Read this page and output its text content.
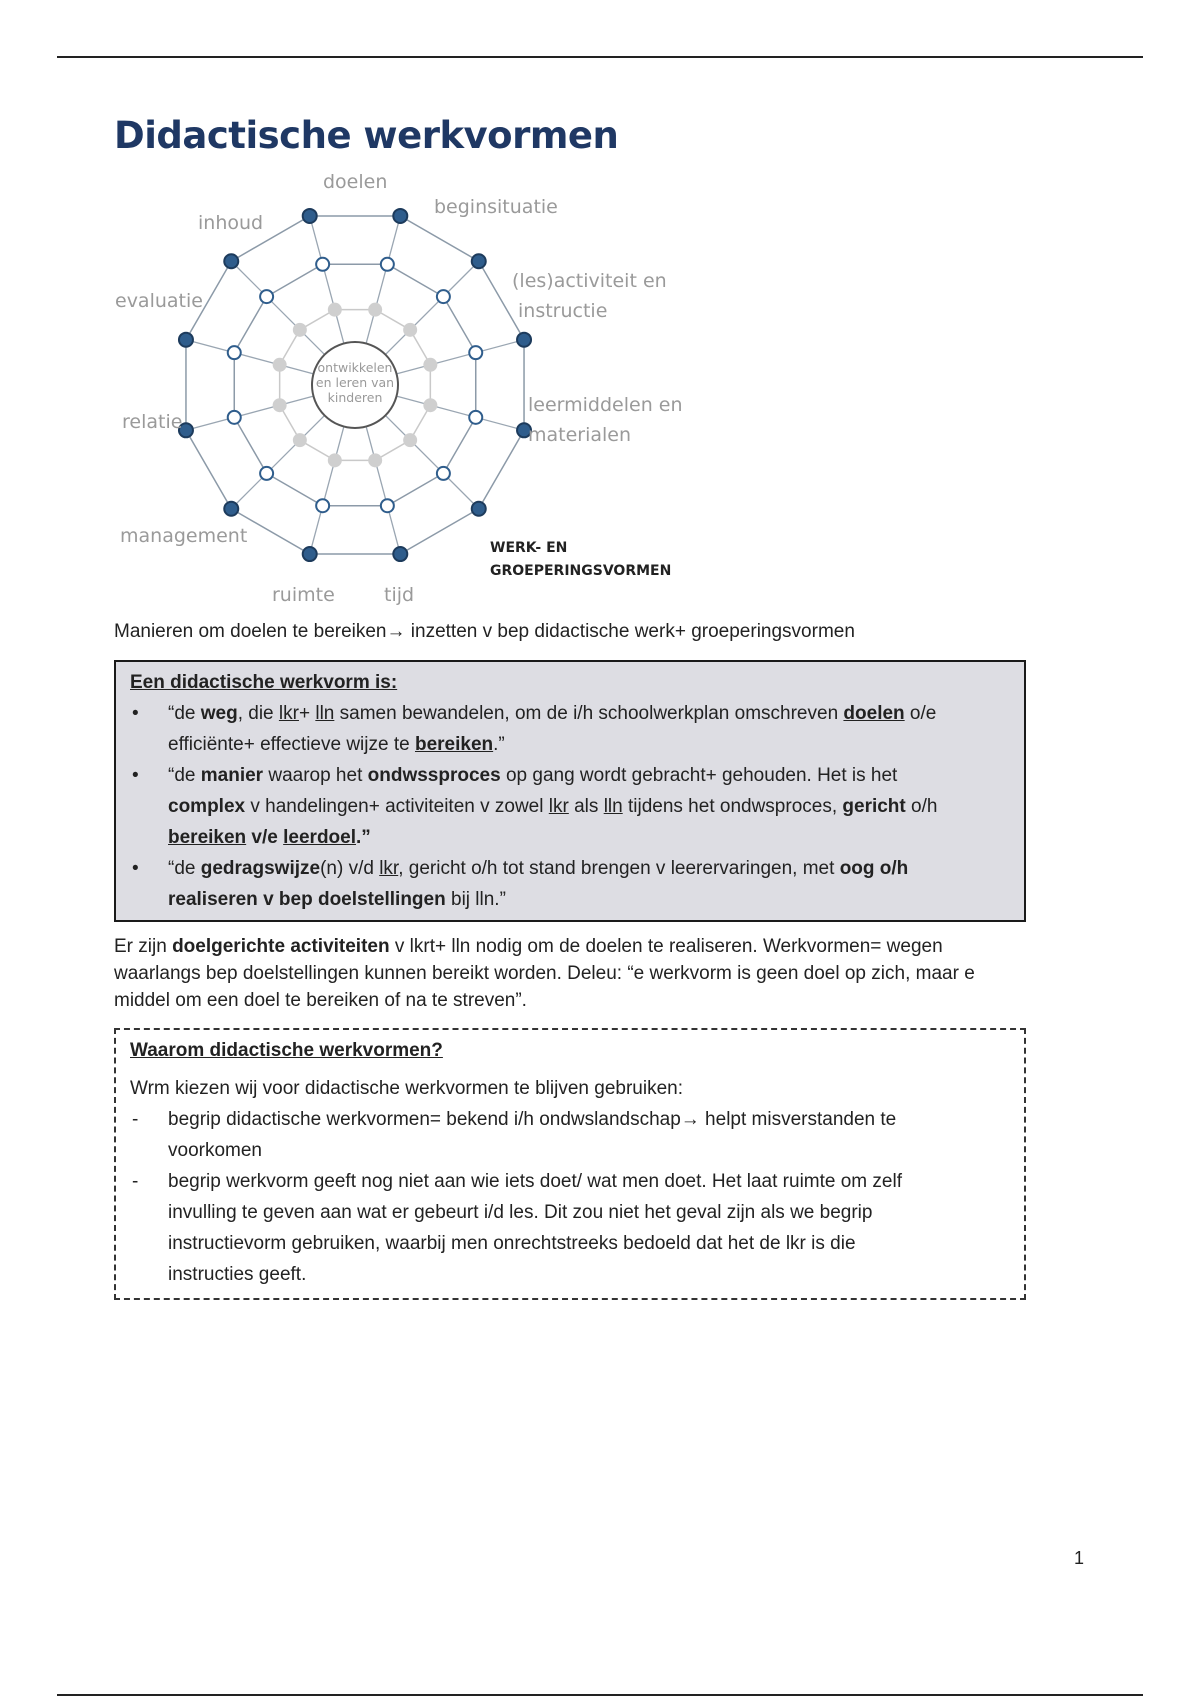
Didactische werkvormen
ontwikkelen
en leren van
kinderen
doelen
beginsituatie
(les)activiteit en
instructie
leermiddelen en
materialen
WERK- EN
GROEPERINGSVORMEN
tijd
ruimte
management
relatie
evaluatie
inhoud

Manieren om doelen te bereiken→ inzetten v bep didactische werk+ groeperingsvormen

Een didactische werkvorm is:
• “de weg, die lkr+ lln samen bewandelen, om de i/h schoolwerkplan omschreven doelen o/e
efficiënte+ effectieve wijze te bereiken.”
• “de manier waarop het ondwssproces op gang wordt gebracht+ gehouden. Het is het
complex v handelingen+ activiteiten v zowel lkr als lln tijdens het ondwsproces, gericht o/h
bereiken v/e leerdoel.”
• “de gedragswijze(n) v/d lkr, gericht o/h tot stand brengen v leerervaringen, met oog o/h
realiseren v bep doelstellingen bij lln.”
Er zijn doelgerichte activiteiten v lkrt+ lln nodig om de doelen te realiseren. Werkvormen= wegen
waarlangs bep doelstellingen kunnen bereikt worden. Deleu: “e werkvorm is geen doel op zich, maar e
middel om een doel te bereiken of na te streven”.
Waarom didactische werkvormen?
Wrm kiezen wij voor didactische werkvormen te blijven gebruiken:
- begrip didactische werkvormen= bekend i/h ondwslandschap→ helpt misverstanden te
voorkomen
- begrip werkvorm geeft nog niet aan wie iets doet/ wat men doet. Het laat ruimte om zelf
invulling te geven aan wat er gebeurt i/d les. Dit zou niet het geval zijn als we begrip
instructievorm gebruiken, waarbij men onrechtstreeks bedoeld dat het de lkr is die
instructies geeft.
1
